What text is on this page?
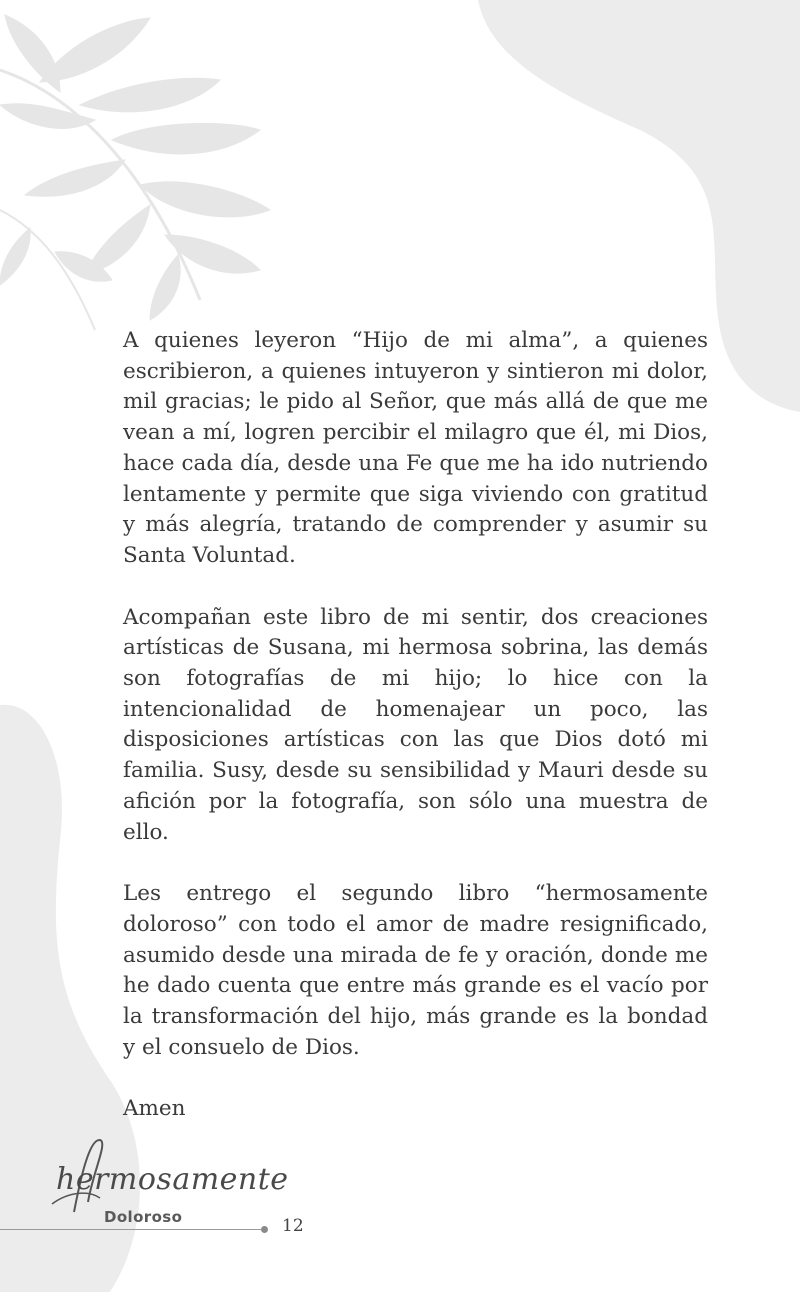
A quienes leyeron “Hijo de mi alma”, a quienes escribieron, a quienes intuyeron y sintieron mi dolor, mil gracias; le pido al Señor, que más allá de que me vean a mí, logren percibir el milagro que él, mi Dios, hace cada día, desde una Fe que me ha ido nutriendo lentamente y permite que siga viviendo con gratitud y más alegría, tratando de comprender y asumir su Santa Voluntad.

Acompañan este libro de mi sentir, dos creaciones artísticas de Susana, mi hermosa sobrina, las demás son fotografías de mi hijo; lo hice con la intencionalidad de homenajear un poco, las disposiciones artísticas con las que Dios dotó mi familia. Susy, desde su sensibilidad y Mauri desde su afición por la fotografía, son sólo una muestra de ello.

Les entrego el segundo libro “hermosamente doloroso” con todo el amor de madre resignificado, asumido desde una mirada de fe y oración, donde me he dado cuenta que entre más grande es el vacío por la transformación del hijo, más grande es la bondad y el consuelo de Dios.

Amen

hermosamente
Doloroso	12
